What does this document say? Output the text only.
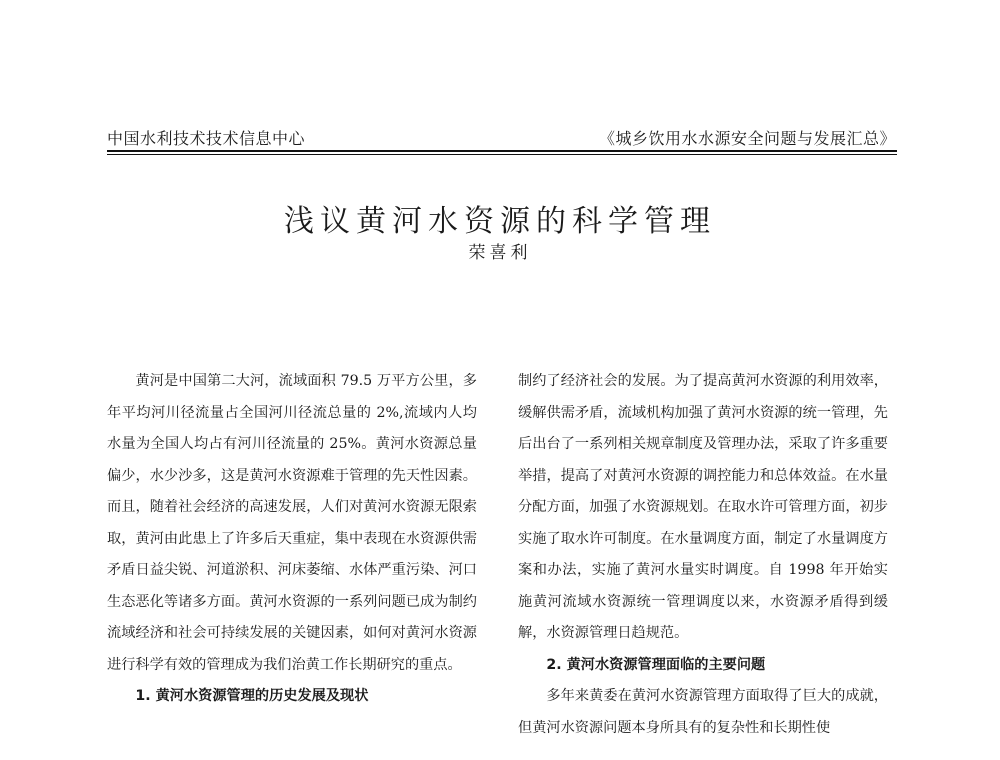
中国水利技术技术信息中心	《城乡饮用水水源安全问题与发展汇总》
浅议黄河水资源的科学管理
荣喜利

黄河是中国第二大河，流域面积 79.5 万平方公里，多年平均河川径流量占全国河川径流总量的 2%,流域内人均水量为全国人均占有河川径流量的 25%。黄河水资源总量偏少，水少沙多，这是黄河水资源难于管理的先天性因素。而且，随着社会经济的高速发展，人们对黄河水资源无限索取，黄河由此患上了许多后天重症，集中表现在水资源供需矛盾日益尖锐、河道淤积、河床萎缩、水体严重污染、河口生态恶化等诸多方面。黄河水资源的一系列问题已成为制约流域经济和社会可持续发展的关键因素，如何对黄河水资源进行科学有效的管理成为我们治黄工作长期研究的重点。

1. 黄河水资源管理的历史发展及现状

制约了经济社会的发展。为了提高黄河水资源的利用效率，缓解供需矛盾，流域机构加强了黄河水资源的统一管理，先后出台了一系列相关规章制度及管理办法，采取了许多重要举措，提高了对黄河水资源的调控能力和总体效益。在水量分配方面，加强了水资源规划。在取水许可管理方面，初步实施了取水许可制度。在水量调度方面，制定了水量调度方案和办法，实施了黄河水量实时调度。自 1998 年开始实施黄河流域水资源统一管理调度以来，水资源矛盾得到缓解，水资源管理日趋规范。

2. 黄河水资源管理面临的主要问题

多年来黄委在黄河水资源管理方面取得了巨大的成就，但黄河水资源问题本身所具有的复杂性和长期性使
